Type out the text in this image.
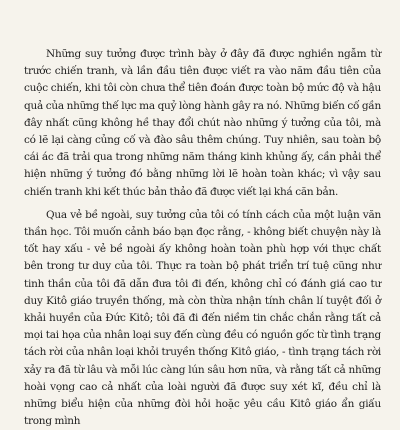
Những suy tưởng được trình bày ở đây đã được nghiền ngẫm từ trước chiến tranh, và lần đầu tiên được viết ra vào năm đầu tiên của cuộc chiến, khi tôi còn chưa thể tiên đoán được toàn bộ mức độ và hậu quả của những thế lực ma quỷ lòng hành gây ra nó. Những biến cố gần đây nhất cũng không hề thay đổi chút nào những ý tưởng của tôi, mà có lẽ lại càng củng cố và đào sâu thêm chúng. Tuy nhiên, sau toàn bộ cái ác đã trải qua trong những năm tháng kinh khủng ấy, cần phải thể hiện những ý tưởng đó bằng những lời lẽ hoàn toàn khác; vì vậy sau chiến tranh khi kết thúc bản thảo đã được viết lại khá căn bản.

Qua vẻ bề ngoài, suy tưởng của tôi có tính cách của một luận văn thần học. Tôi muốn cảnh báo bạn đọc rằng, - không biết chuyện này là tốt hay xấu - vẻ bề ngoài ấy không hoàn toàn phù hợp với thực chất bên trong tư duy của tôi. Thực ra toàn bộ phát triển trí tuệ cũng như tinh thần của tôi đã dẫn đưa tôi đi đến, không chỉ có đánh giá cao tư duy Kitô giáo truyền thống, mà còn thừa nhận tính chân lí tuyệt đối ở khải huyền của Đức Kitô; tôi đã đi đến niềm tin chắc chắn rằng tất cả mọi tai họa của nhân loại suy đến cùng đều có nguồn gốc từ tình trạng tách rời của nhân loại khỏi truyền thống Kitô giáo, - tình trạng tách rời xảy ra đã từ lâu và mỗi lúc càng lún sâu hơn nữa, và rằng tất cả những hoài vọng cao cả nhất của loài người đã được suy xét kĩ, đều chỉ là những biểu hiện của những đòi hỏi hoặc yêu cầu Kitô giáo ẩn giấu trong mình
